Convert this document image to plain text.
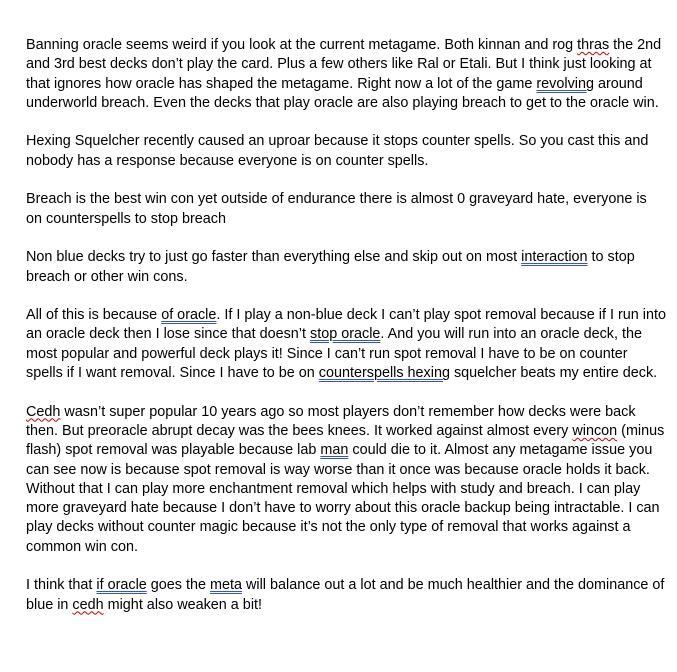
Banning oracle seems weird if you look at the current metagame. Both kinnan and rog thras the 2nd and 3rd best decks don’t play the card. Plus a few others like Ral or Etali. But I think just looking at that ignores how oracle has shaped the metagame. Right now a lot of the game revolving around underworld breach. Even the decks that play oracle are also playing breach to get to the oracle win.

Hexing Squelcher recently caused an uproar because it stops counter spells. So you cast this and nobody has a response because everyone is on counter spells.

Breach is the best win con yet outside of endurance there is almost 0 graveyard hate, everyone is on counterspells to stop breach

Non blue decks try to just go faster than everything else and skip out on most interaction to stop breach or other win cons.

All of this is because of oracle. If I play a non-blue deck I can’t play spot removal because if I run into an oracle deck then I lose since that doesn’t stop oracle. And you will run into an oracle deck, the most popular and powerful deck plays it! Since I can’t run spot removal I have to be on counter spells if I want removal. Since I have to be on counterspells hexing squelcher beats my entire deck.

Cedh wasn’t super popular 10 years ago so most players don’t remember how decks were back then. But preoracle abrupt decay was the bees knees. It worked against almost every wincon (minus flash) spot removal was playable because lab man could die to it. Almost any metagame issue you can see now is because spot removal is way worse than it once was because oracle holds it back. Without that I can play more enchantment removal which helps with study and breach. I can play more graveyard hate because I don’t have to worry about this oracle backup being intractable. I can play decks without counter magic because it’s not the only type of removal that works against a common win con.

I think that if oracle goes the meta will balance out a lot and be much healthier and the dominance of blue in cedh might also weaken a bit!
